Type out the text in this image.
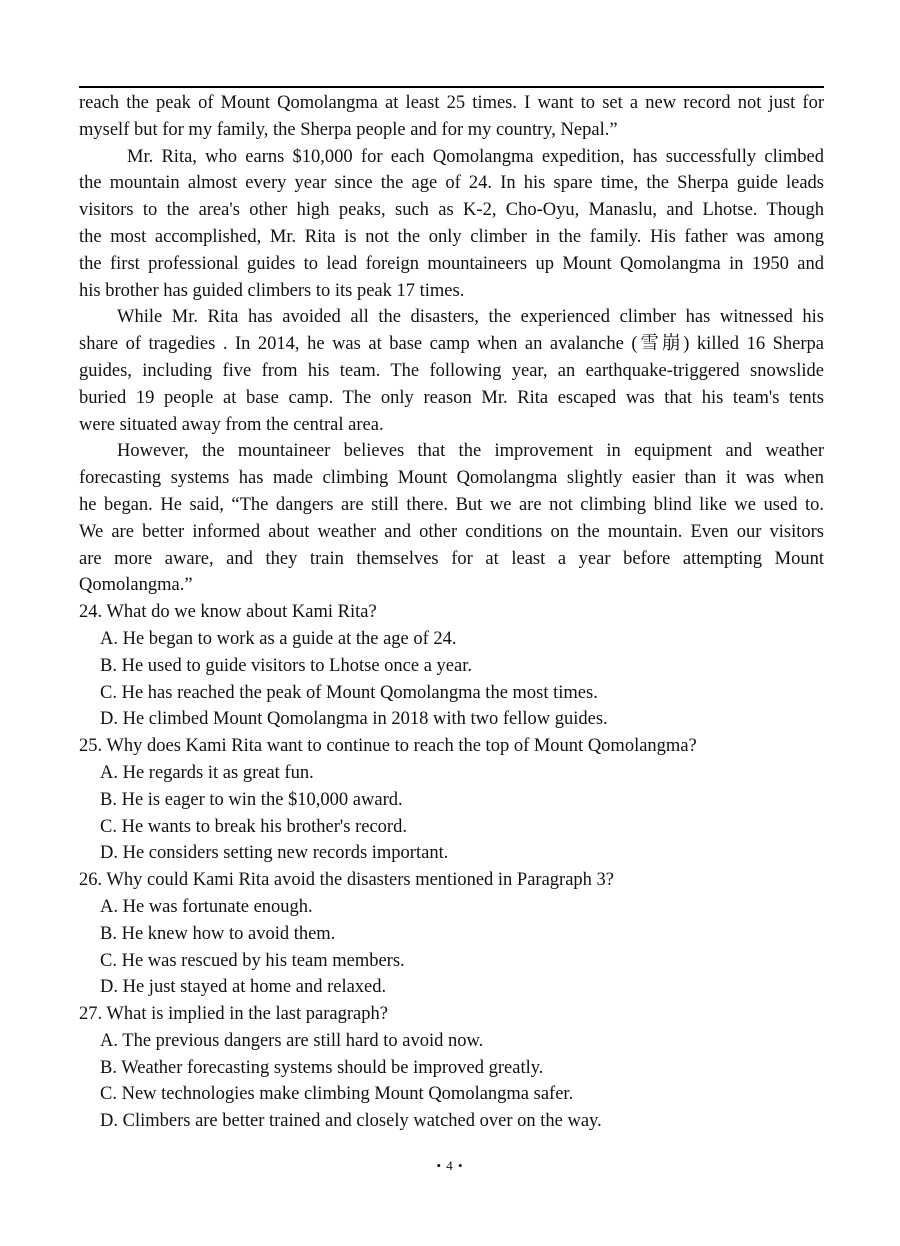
reach the peak of Mount Qomolangma at least 25 times. I want to set a new record not just for
myself but for my family, the Sherpa people and for my country, Nepal.”
Mr. Rita, who earns $10,000 for each Qomolangma expedition, has successfully climbed
the mountain almost every year since the age of 24. In his spare time, the Sherpa guide leads
visitors to the area's other high peaks, such as K-2, Cho-Oyu, Manaslu, and Lhotse. Though
the most accomplished, Mr. Rita is not the only climber in the family. His father was among
the first professional guides to lead foreign mountaineers up Mount Qomolangma in 1950 and
his brother has guided climbers to its peak 17 times.
While Mr. Rita has avoided all the disasters, the experienced climber has witnessed his
share of tragedies . In 2014, he was at base camp when an avalanche (雪崩) killed 16 Sherpa
guides, including five from his team. The following year, an earthquake-triggered snowslide
buried 19 people at base camp. The only reason Mr. Rita escaped was that his team's tents
were situated away from the central area.
However, the mountaineer believes that the improvement in equipment and weather
forecasting systems has made climbing Mount Qomolangma slightly easier than it was when
he began. He said, “The dangers are still there. But we are not climbing blind like we used to.
We are better informed about weather and other conditions on the mountain. Even our visitors
are more aware, and they train themselves for at least a year before attempting Mount
Qomolangma.”
24. What do we know about Kami Rita?
A. He began to work as a guide at the age of 24.
B. He used to guide visitors to Lhotse once a year.
C. He has reached the peak of Mount Qomolangma the most times.
D. He climbed Mount Qomolangma in 2018 with two fellow guides.
25. Why does Kami Rita want to continue to reach the top of Mount Qomolangma?
A. He regards it as great fun.
B. He is eager to win the $10,000 award.
C. He wants to break his brother's record.
D. He considers setting new records important.
26. Why could Kami Rita avoid the disasters mentioned in Paragraph 3?
A. He was fortunate enough.
B. He knew how to avoid them.
C. He was rescued by his team members.
D. He just stayed at home and relaxed.
27. What is implied in the last paragraph?
A. The previous dangers are still hard to avoid now.
B. Weather forecasting systems should be improved greatly.
C. New technologies make climbing Mount Qomolangma safer.
D. Climbers are better trained and closely watched over on the way.
• 4 •
